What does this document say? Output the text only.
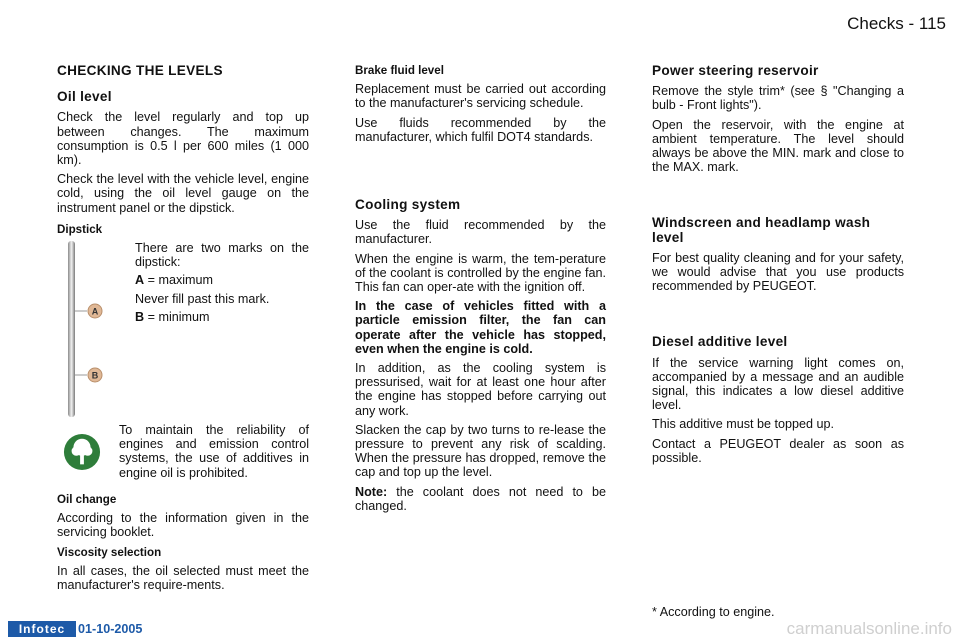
Checks - 115
CHECKING THE LEVELS
Oil level

Check the level regularly and top up between changes. The maximum consumption is 0.5 l per 600 miles (1 000 km).

Check the level with the vehicle level, engine cold, using the oil level gauge on the instrument panel or the dipstick.

Dipstick
A
B

There are two marks on the dipstick:

A = maximum

Never fill past this mark.

B = minimum

To maintain the reliability of engines and emission control systems, the use of additives in engine oil is prohibited.

Oil change

According to the information given in the servicing booklet.

Viscosity selection

In all cases, the oil selected must meet the manufacturer's require-ments.

Brake fluid level

Replacement must be carried out according to the manufacturer's servicing schedule.

Use fluids recommended by the manufacturer, which fulfil DOT4 standards.

Cooling system

Use the fluid recommended by the manufacturer.

When the engine is warm, the tem-perature of the coolant is controlled by the engine fan. This fan can oper-ate with the ignition off.

In the case of vehicles fitted with a particle emission filter, the fan can operate after the vehicle has stopped, even when the engine is cold.

In addition, as the cooling system is pressurised, wait for at least one hour after the engine has stopped before carrying out any work.

Slacken the cap by two turns to re-lease the pressure to prevent any risk of scalding. When the pressure has dropped, remove the cap and top up the level.

Note: the coolant does not need to be changed.

Power steering reservoir

Remove the style trim* (see § "Changing a bulb - Front lights").

Open the reservoir, with the engine at ambient temperature. The level should always be above the MIN. mark and close to the MAX. mark.

Windscreen and headlamp wash level

For best quality cleaning and for your safety, we would advise that you use products recommended by PEUGEOT.

Diesel additive level

If the service warning light comes on, accompanied by a message and an audible signal, this indicates a low diesel additive level.

This additive must be topped up.

Contact a PEUGEOT dealer as soon as possible.

* According to engine.
Infotec	01-10-2005	carmanualsonline.info
